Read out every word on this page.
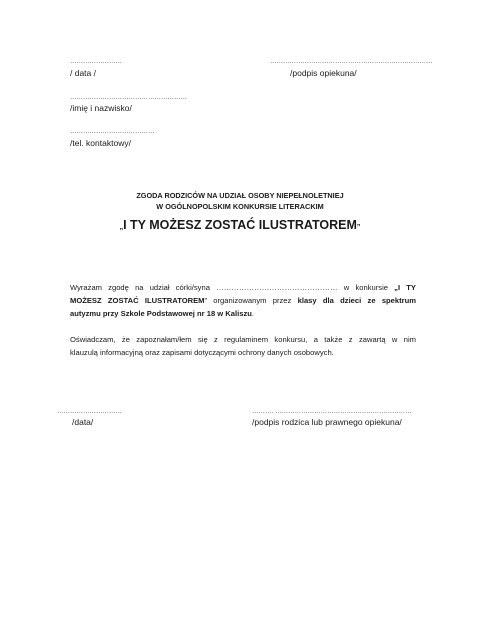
……………………
/ data /
…………………………………………………………………
/podpis opiekuna/
………………………………………………
/imię i nazwisko/
…………………………………
/tel. kontaktowy/
ZGODA RODZICÓW NA UDZIAŁ OSOBY NIEPEŁNOLETNIEJ
W OGÓLNOPOLSKIM KONKURSIE LITERACKIM
„I TY MOŻESZ ZOSTAĆ ILUSTRATOREM”
Wyrażam zgodę na udział córki/syna ………………………………………… w konkursie „I TY
MOŻESZ ZOSTAĆ ILUSTRATOREM” organizowanym przez klasy dla dzieci ze spektrum
autyzmu przy Szkole Podstawowej nr 18 w Kaliszu.
Oświadczam, że zapoznałam/łem się z regulaminem konkursu, a także z zawartą w nim
klauzulą informacyjną oraz zapisami dotyczącymi ochrony danych osobowych.
…………………………
/data/
………. ………………………………………………………
/podpis rodzica lub prawnego opiekuna/
